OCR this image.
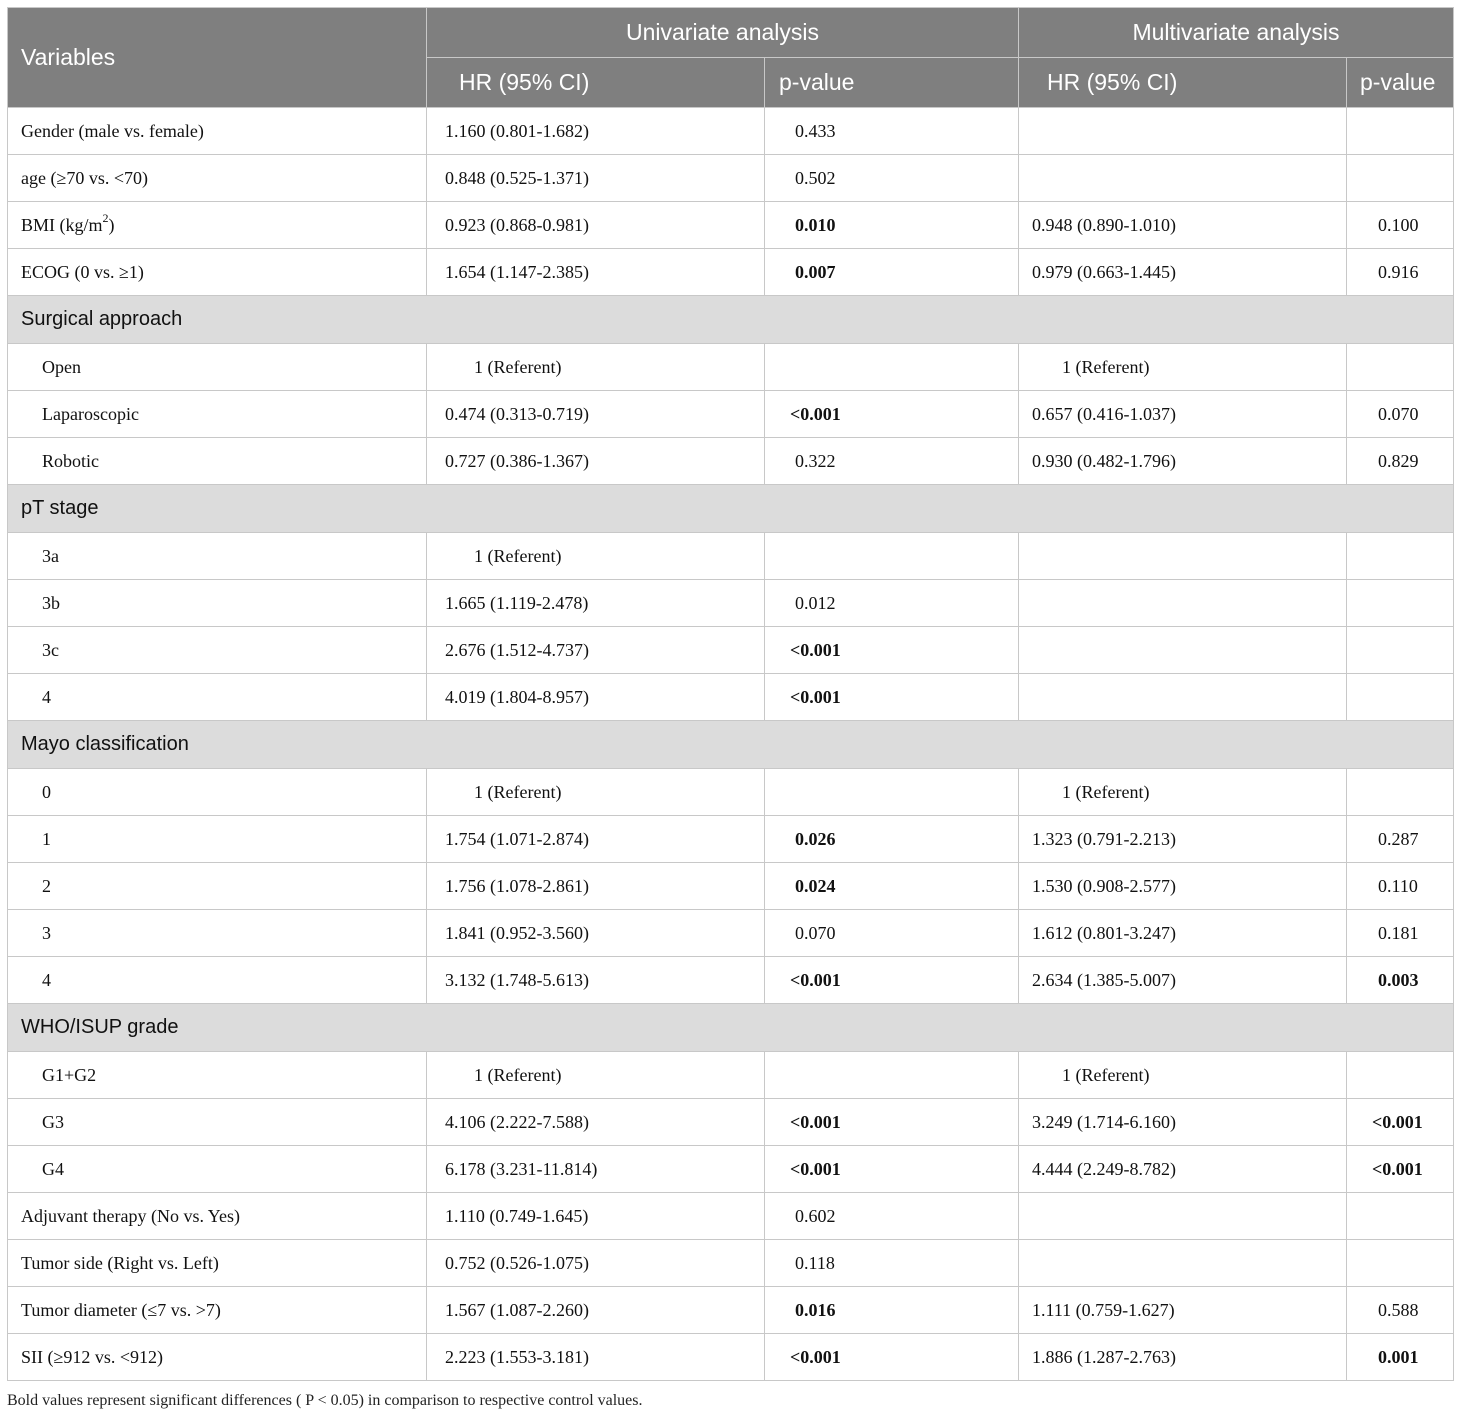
Variables	Univariate analysis		Multivariate analysis	
	HR (95% CI)	p-value	HR (95% CI)	p-value
Gender (male vs. female)	1.160 (0.801-1.682)	0.433		
age (≥70 vs. <70)	0.848 (0.525-1.371)	0.502		
BMI $(kg/m^2)$	0.923 (0.868-0.981)	0.010	0.948 (0.890-1.010)	0.100
ECOG (0 vs. ≥1)	1.654 (1.147-2.385)	0.007	0.979 (0.663-1.445)	0.916
Surgical approach				
Open	1 (Referent)		1 (Referent)	
Laparoscopic	0.474 (0.313-0.719)	<0.001	0.657 (0.416-1.037)	0.070
Robotic	0.727 (0.386-1.367)	0.322	0.930 (0.482-1.796)	0.829
pT stage				
3a	1 (Referent)			
3b	1.665 (1.119-2.478)	0.012		
3c	2.676 (1.512-4.737)	<0.001		
4	4.019 (1.804-8.957)	<0.001		
Mayo classification				
0	1 (Referent)		1 (Referent)	
1	1.754 (1.071-2.874)	0.026	1.323 (0.791-2.213)	0.287
2	1.756 (1.078-2.861)	0.024	1.530 (0.908-2.577)	0.110
3	1.841 (0.952-3.560)	0.070	1.612 (0.801-3.247)	0.181
4	3.132 (1.748-5.613)	<0.001	2.634 (1.385-5.007)	0.003
WHO/ISUP grade				
G1+G2	1 (Referent)		1 (Referent)	
G3	4.106 (2.222-7.588)	<0.001	3.249 (1.714-6.160)	<0.001
G4	6.178 (3.231-11.814)	<0.001	4.444 (2.249-8.782)	<0.001
Adjuvant therapy (No vs. Yes)	1.110 (0.749-1.645)	0.602		
Tumor side (Right vs. Left)	0.752 (0.526-1.075)	0.118		
Tumor diameter (≤7 vs. >7)	1.567 (1.087-2.260)	0.016	1.111 (0.759-1.627)	0.588
SII (≥912 vs. <912)	2.223 (1.553-3.181)	<0.001	1.886 (1.287-2.763)	0.001
Bold values represent significant differences ( P < 0.05) in comparison to respective control values.
